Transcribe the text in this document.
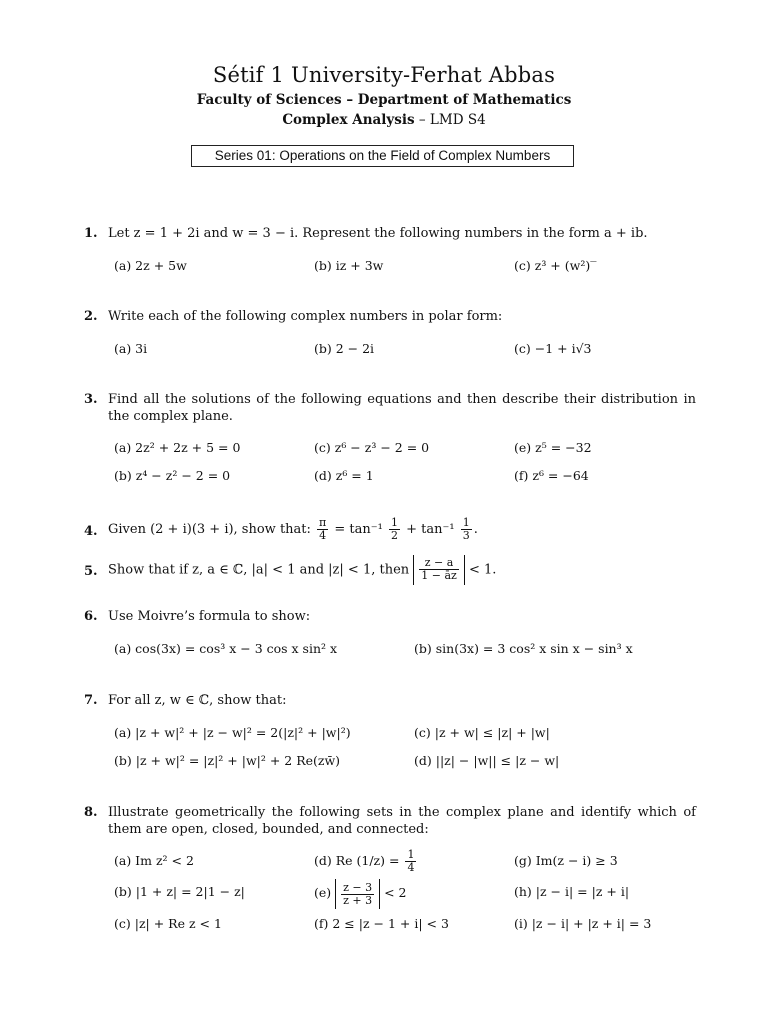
Sétif 1 University-Ferhat Abbas
Faculty of Sciences – Department of Mathematics
Complex Analysis – LMD S4
Series 01: Operations on the Field of Complex Numbers
1. Let z = 1 + 2i and w = 3 − i. Represent the following numbers in the form a + ib.
(a) 2z + 5w	(b) iz + 3w	(c) z³ + (w²)‾
2. Write each of the following complex numbers in polar form:
(a) 3i	(b) 2 − 2i	(c) −1 + i√3
3. Find all the solutions of the following equations and then describe their distribution in the complex plane.
(a) 2z² + 2z + 5 = 0	(c) z⁶ − z³ − 2 = 0	(e) z⁵ = −32
(b) z⁴ − z² − 2 = 0	(d) z⁶ = 1	(f) z⁶ = −64
4. Given (2 + i)(3 + i), show that: $\frac{\pi}{4} = \tan^{-1} \frac{1}{2} + \tan^{-1} \frac{1}{3}$ .
5. Show that if z, a ∈ ℂ, |a| < 1 and |z| < 1, then $\frac{z - a}{1 - āz} < 1$.
6. Use Moivre’s formula to show:
(a) cos(3x) = cos³ x − 3 cos x sin² x	(b) sin(3x) = 3 cos² x sin x − sin³ x
7. For all z, w ∈ ℂ, show that:
(a) |z + w|² + |z − w|² = 2(|z|² + |w|²)	(c) |z + w| ≤ |z| + |w|
(b) |z + w|² = |z|² + |w|² + 2 Re(zw̄)	(d) ||z| − |w|| ≤ |z − w|
8. Illustrate geometrically the following sets in the complex plane and identify which of them are open, closed, bounded, and connected:
(a) Im z² < 2	(d) Re $(1/z) = \frac{1}{4}$	(g) Im(z − i) ≥ 3
(b) |1 + z| = 2|1 − z|	$(e) \frac{z - 3}{z + 3} < 2$	(h) |z − i| = |z + i|
(c) |z| + Re z < 1	(f) 2 ≤ |z − 1 + i| < 3	(i) |z − i| + |z + i| = 3
